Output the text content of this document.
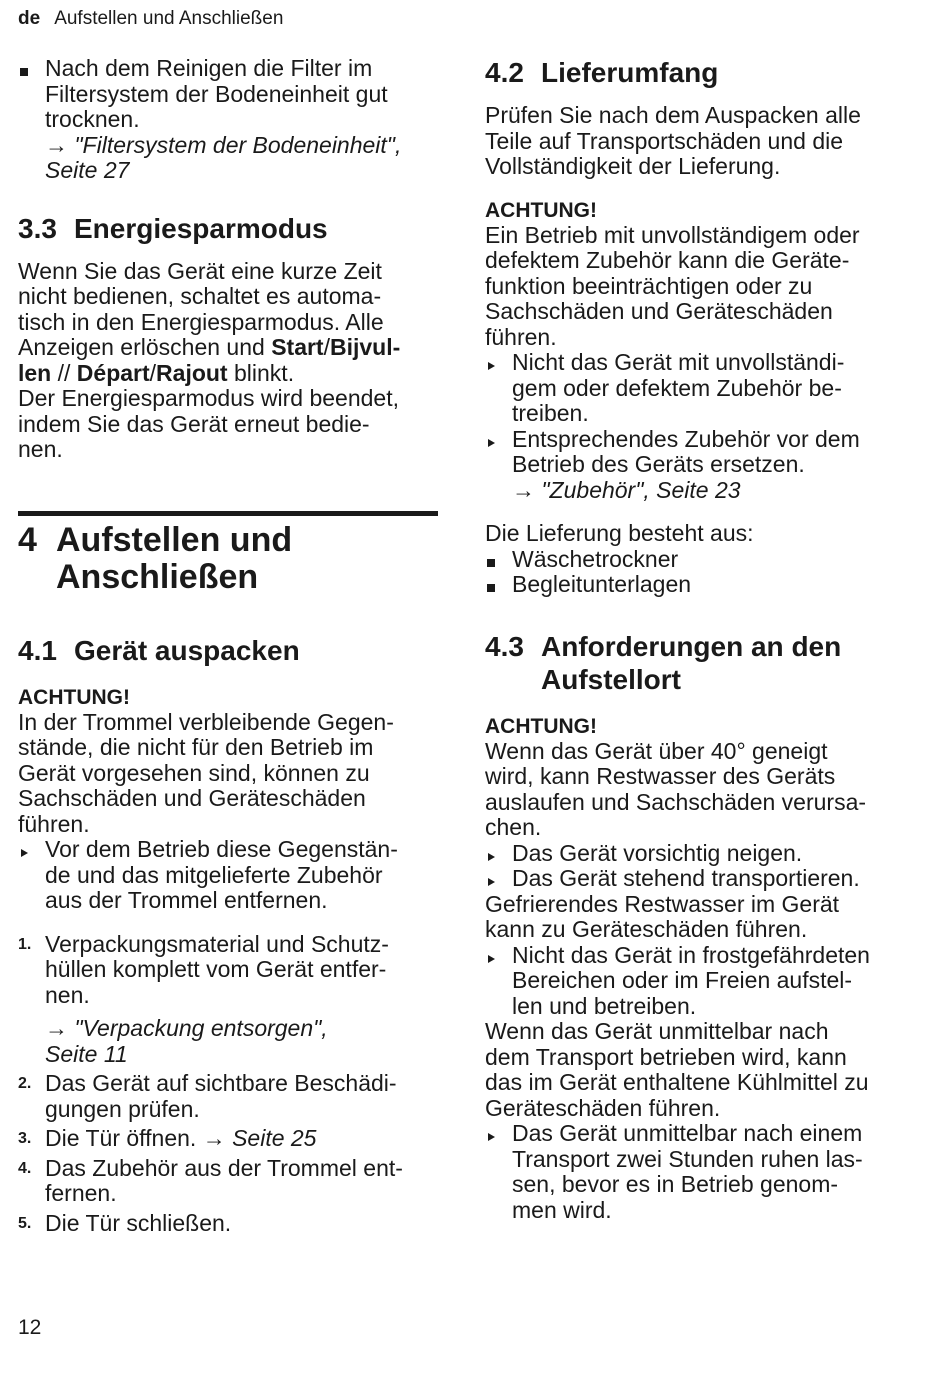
de Aufstellen und Anschließen

Nach dem Reinigen die Filter im

Filtersystem der Bodeneinheit gut

trocknen.

→ "Filtersystem der Bodeneinheit",

Seite 27

3.3 Energiesparmodus

Wenn Sie das Gerät eine kurze Zeit

nicht bedienen, schaltet es automa-

tisch in den Energiesparmodus. Alle

Anzeigen erlöschen und Start/Bijvul-

len // Départ/Rajout blinkt.

Der Energiesparmodus wird beendet,

indem Sie das Gerät erneut bedie-

nen.

4 Aufstellen und
Anschließen
4.1 Gerät auspacken

ACHTUNG!

In der Trommel verbleibende Gegen-

stände, die nicht für den Betrieb im

Gerät vorgesehen sind, können zu

Sachschäden und Geräteschäden

führen.

Vor dem Betrieb diese Gegenstän-

de und das mitgelieferte Zubehör

aus der Trommel entfernen.

1. Verpackungsmaterial und Schutz-

hüllen komplett vom Gerät entfer-

nen.

→ "Verpackung entsorgen",

Seite 11

2. Das Gerät auf sichtbare Beschädi-

gungen prüfen.

3. Die Tür öffnen. → Seite 25

4. Das Zubehör aus der Trommel ent-

fernen.

5. Die Tür schließen.

4.2 Lieferumfang

Prüfen Sie nach dem Auspacken alle

Teile auf Transportschäden und die

Vollständigkeit der Lieferung.

ACHTUNG!

Ein Betrieb mit unvollständigem oder

defektem Zubehör kann die Geräte-

funktion beeinträchtigen oder zu

Sachschäden und Geräteschäden

führen.

Nicht das Gerät mit unvollständi-

gem oder defektem Zubehör be-

treiben.

Entsprechendes Zubehör vor dem

Betrieb des Geräts ersetzen.

→ "Zubehör", Seite 23

Die Lieferung besteht aus:

Wäschetrockner

Begleitunterlagen

4.3 Anforderungen an den
Aufstellort

ACHTUNG!

Wenn das Gerät über 40° geneigt

wird, kann Restwasser des Geräts

auslaufen und Sachschäden verursa-

chen.

Das Gerät vorsichtig neigen.

Das Gerät stehend transportieren.

Gefrierendes Restwasser im Gerät

kann zu Geräteschäden führen.

Nicht das Gerät in frostgefährdeten

Bereichen oder im Freien aufstel-

len und betreiben.

Wenn das Gerät unmittelbar nach

dem Transport betrieben wird, kann

das im Gerät enthaltene Kühlmittel zu

Geräteschäden führen.

Das Gerät unmittelbar nach einem

Transport zwei Stunden ruhen las-

sen, bevor es in Betrieb genom-

men wird.

12
